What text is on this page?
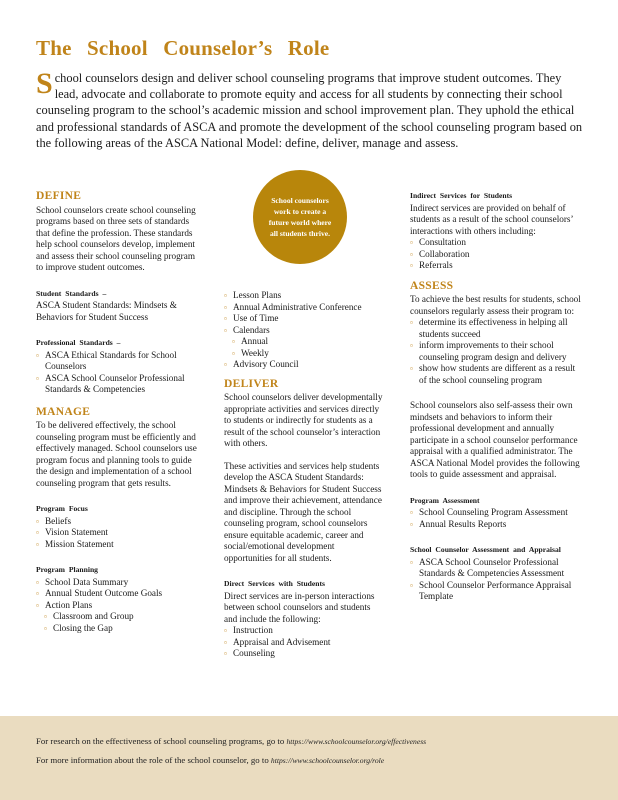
The School Counselor’s Role
School counselors design and deliver school counseling programs that improve student outcomes. They lead, advocate and collaborate to promote equity and access for all students by connecting their school counseling program to the school’s academic mission and school improvement plan. They uphold the ethical and professional standards of ASCA and promote the development of the school counseling program based on the following areas of the ASCA National Model: define, deliver, manage and assess.
School counselors work to create a future world where all students thrive.
DEFINE

School counselors create school counseling programs based on three sets of standards that define the profession. These standards help school counselors develop, implement and assess their school counseling program to improve student outcomes.

Student Standards –

ASCA Student Standards: Mindsets & Behaviors for Student Success

Professional Standards –
▫ ASCA Ethical Standards for School Counselors
▫ ASCA School Counselor Professional Standards & Competencies
MANAGE

To be delivered effectively, the school counseling program must be efficiently and effectively managed. School counselors use program focus and planning tools to guide the design and implementation of a school counseling program that gets results.

Program Focus
▫ Beliefs
▫ Vision Statement
▫ Mission Statement
Program Planning
▫ School Data Summary
▫ Annual Student Outcome Goals
▫ Action Plans
▫ Classroom and Group
▫ Closing the Gap
▫ Lesson Plans
▫ Annual Administrative Conference
▫ Use of Time
▫ Calendars
▫ Annual
▫ Weekly
▫ Advisory Council
DELIVER

School counselors deliver developmentally appropriate activities and services directly to students or indirectly for students as a result of the school counselor’s interaction with others.

These activities and services help students develop the ASCA Student Standards: Mindsets & Behaviors for Student Success and improve their achievement, attendance and discipline. Through the school counseling program, school counselors ensure equitable academic, career and social/emotional development opportunities for all students.

Direct Services with Students

Direct services are in-person interactions between school counselors and students and include the following:

▫ Instruction
▫ Appraisal and Advisement
▫ Counseling
Indirect Services for Students

Indirect services are provided on behalf of students as a result of the school counselors’ interactions with others including:

▫ Consultation
▫ Collaboration
▫ Referrals
ASSESS

To achieve the best results for students, school counselors regularly assess their program to:

▫ determine its effectiveness in helping all students succeed
▫ inform improvements to their school counseling program design and delivery
▫ show how students are different as a result of the school counseling program

School counselors also self-assess their own mindsets and behaviors to inform their professional development and annually participate in a school counselor performance appraisal with a qualified administrator. The ASCA National Model provides the following tools to guide assessment and appraisal.

Program Assessment
▫ School Counseling Program Assessment
▫ Annual Results Reports
School Counselor Assessment and Appraisal
▫ ASCA School Counselor Professional Standards & Competencies Assessment
▫ School Counselor Performance Appraisal Template
For research on the effectiveness of school counseling programs, go to https://www.schoolcounselor.org/effectiveness
For more information about the role of the school counselor, go to https://www.schoolcounselor.org/role
